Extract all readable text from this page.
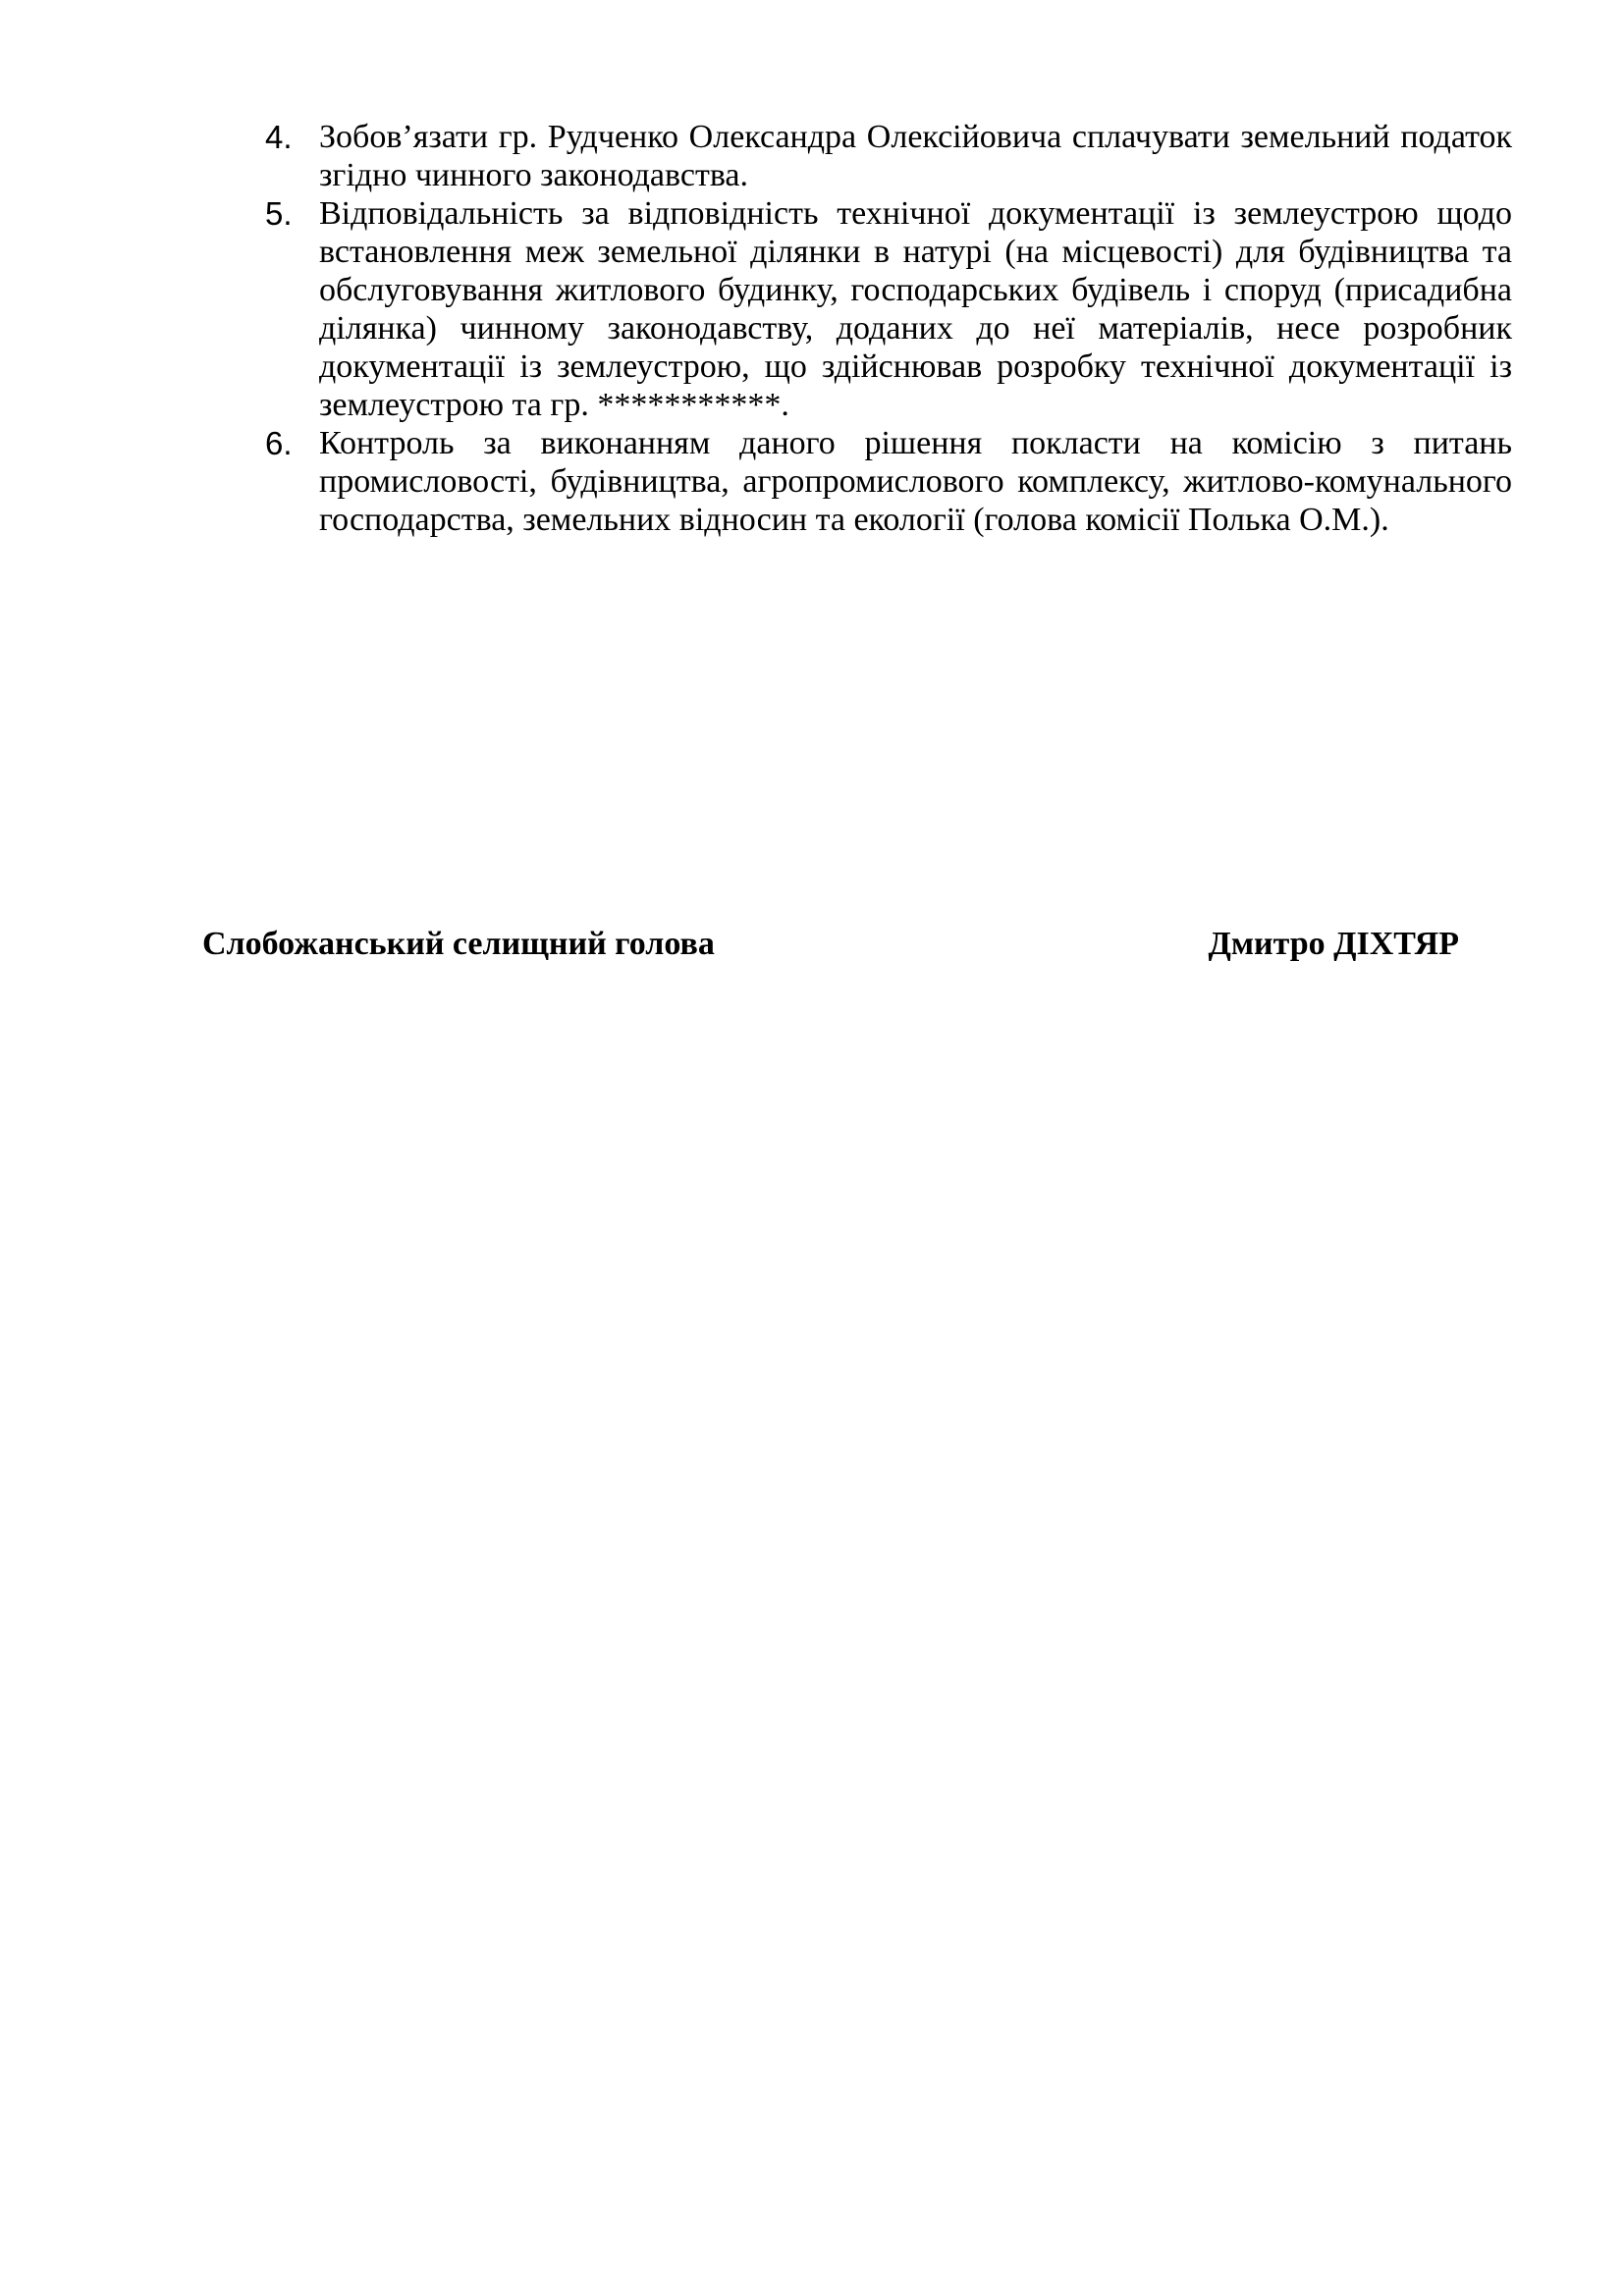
4. Зобов’язати гр. Рудченко Олександра Олексійовича сплачувати земельний податок згідно чинного законодавства.
5. Відповідальність за відповідність технічної документації із землеустрою щодо встановлення меж земельної ділянки в натурі (на місцевості) для будівництва та обслуговування житлового будинку, господарських будівель і споруд (присадибна ділянка) чинному законодавству, доданих до неї матеріалів, несе розробник документації із землеустрою, що здійснював розробку технічної документації із землеустрою та гр. ***********.
6. Контроль за виконанням даного рішення покласти на комісію з питань промисловості, будівництва, агропромислового комплексу, житлово-комунального господарства, земельних відносин та екології (голова комісії Полька О.М.).
Слобожанський селищний голова	Дмитро ДІХТЯР
